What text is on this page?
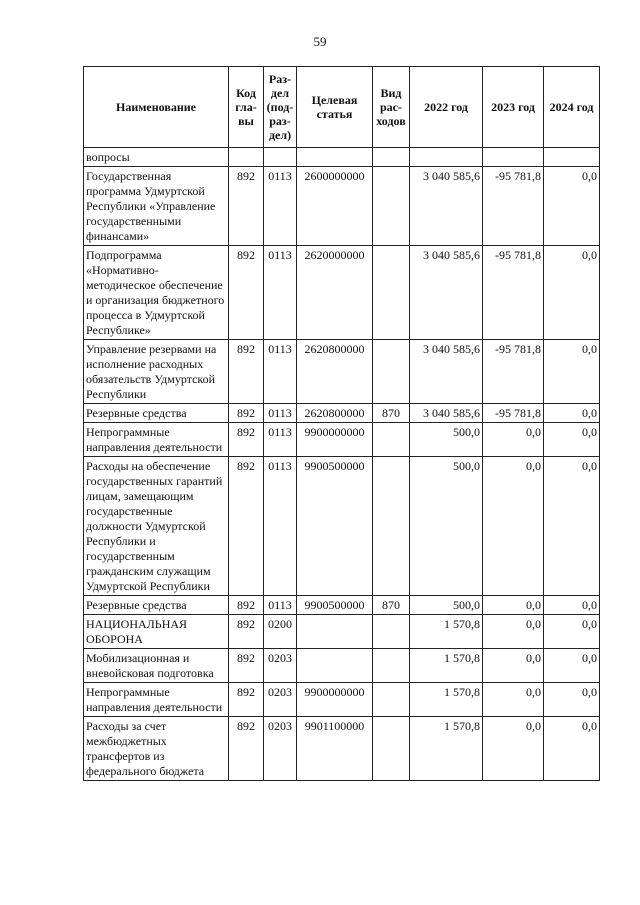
59
Наименование	Код гла- вы	Раз- дел (под- раз- дел)	Целевая статья	Вид рас- ходов	2022 год	2023 год	2024 год
вопросы							
Государственная программа Удмуртской Республики «Управление государственными финансами»	892	0113	2600000000		3 040 585,6	-95 781,8	0,0
Подпрограмма «Нормативно-методическое обеспечение и организация бюджетного процесса в Удмуртской Республике»	892	0113	2620000000		3 040 585,6	-95 781,8	0,0
Управление резервами на исполнение расходных обязательств Удмуртской Республики	892	0113	2620800000		3 040 585,6	-95 781,8	0,0
Резервные средства	892	0113	2620800000	870	3 040 585,6	-95 781,8	0,0
Непрограммные направления деятельности	892	0113	9900000000		500,0	0,0	0,0
Расходы на обеспечение государственных гарантий лицам, замещающим государственные должности Удмуртской Республики и государственным гражданским служащим Удмуртской Республики	892	0113	9900500000		500,0	0,0	0,0
Резервные средства	892	0113	9900500000	870	500,0	0,0	0,0
НАЦИОНАЛЬНАЯ ОБОРОНА	892	0200			1 570,8	0,0	0,0
Мобилизационная и вневойсковая подготовка	892	0203			1 570,8	0,0	0,0
Непрограммные направления деятельности	892	0203	9900000000		1 570,8	0,0	0,0
Расходы за счет межбюджетных трансфертов из федерального бюджета	892	0203	9901100000		1 570,8	0,0	0,0
